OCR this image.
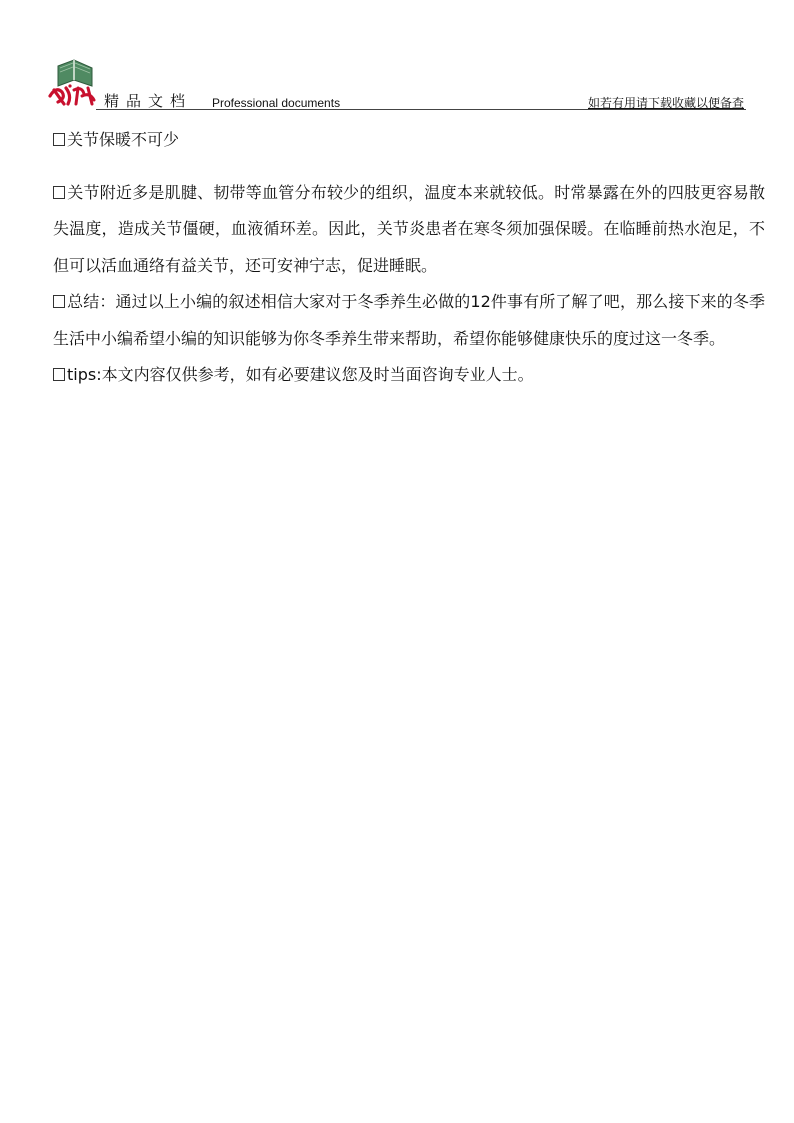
精品文档 Professional documents	如若有用请下载收藏以便备查

关节保暖不可少

关节附近多是肌腱、韧带等血管分布较少的组织，温度本来就较低。时常暴露在外的四肢更容易散失温度，造成关节僵硬，血液循环差。因此，关节炎患者在寒冬须加强保暖。在临睡前热水泡足，不但可以活血通络有益关节，还可安神宁志，促进睡眠。

总结：通过以上小编的叙述相信大家对于冬季养生必做的12件事有所了解了吧，那么接下来的冬季生活中小编希望小编的知识能够为你冬季养生带来帮助，希望你能够健康快乐的度过这一冬季。

tips:本文内容仅供参考，如有必要建议您及时当面咨询专业人士。
